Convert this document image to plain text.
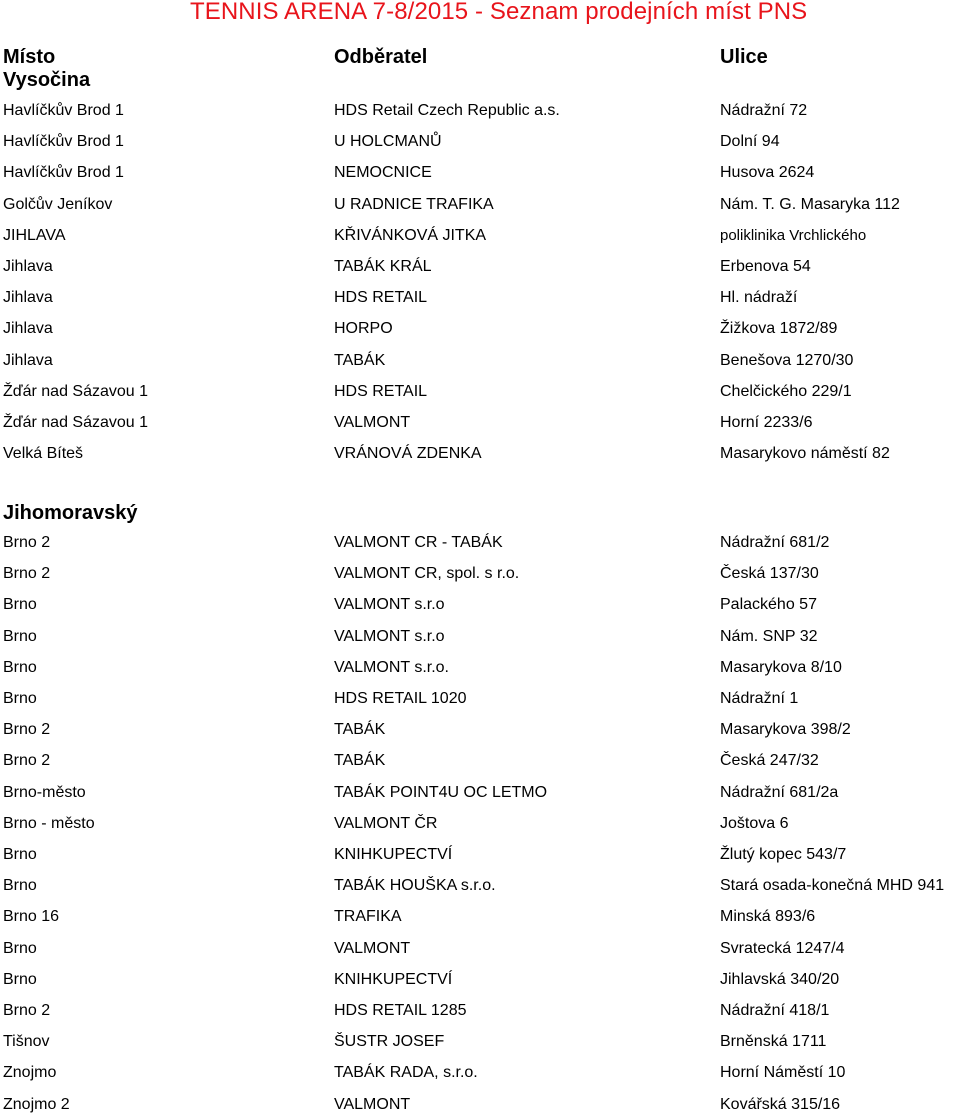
TENNIS ARENA 7-8/2015 - Seznam prodejních míst PNS
Místo	Odběratel	Ulice
Vysočina
Havlíčkův Brod 1	HDS Retail Czech Republic a.s.	Nádražní 72
Havlíčkův Brod 1	U HOLCMANŮ	Dolní 94
Havlíčkův Brod 1	NEMOCNICE	Husova 2624
Golčův Jeníkov	U RADNICE TRAFIKA	Nám. T. G. Masaryka 112
JIHLAVA	KŘIVÁNKOVÁ JITKA	poliklinika Vrchlického
Jihlava	TABÁK KRÁL	Erbenova 54
Jihlava	HDS RETAIL	Hl. nádraží
Jihlava	HORPO	Žižkova 1872/89
Jihlava	TABÁK	Benešova 1270/30
Žďár nad Sázavou 1	HDS RETAIL	Chelčického 229/1
Žďár nad Sázavou 1	VALMONT	Horní 2233/6
Velká Bíteš	VRÁNOVÁ ZDENKA	Masarykovo náměstí 82
Jihomoravský
Brno 2	VALMONT CR - TABÁK	Nádražní 681/2
Brno 2	VALMONT CR, spol. s r.o.	Česká 137/30
Brno	VALMONT s.r.o	Palackého 57
Brno	VALMONT s.r.o	Nám. SNP 32
Brno	VALMONT s.r.o.	Masarykova 8/10
Brno	HDS RETAIL 1020	Nádražní 1
Brno 2	TABÁK	Masarykova 398/2
Brno 2	TABÁK	Česká 247/32
Brno-město	TABÁK POINT4U OC LETMO	Nádražní 681/2a
Brno - město	VALMONT ČR	Joštova 6
Brno	KNIHKUPECTVÍ	Žlutý kopec 543/7
Brno	TABÁK HOUŠKA s.r.o.	Stará osada-konečná MHD 941
Brno 16	TRAFIKA	Minská 893/6
Brno	VALMONT	Svratecká 1247/4
Brno	KNIHKUPECTVÍ	Jihlavská 340/20
Brno 2	HDS RETAIL 1285	Nádražní 418/1
Tišnov	ŠUSTR JOSEF	Brněnská 1711
Znojmo	TABÁK RADA, s.r.o.	Horní Náměstí 10
Znojmo 2	VALMONT	Kovářská 315/16
